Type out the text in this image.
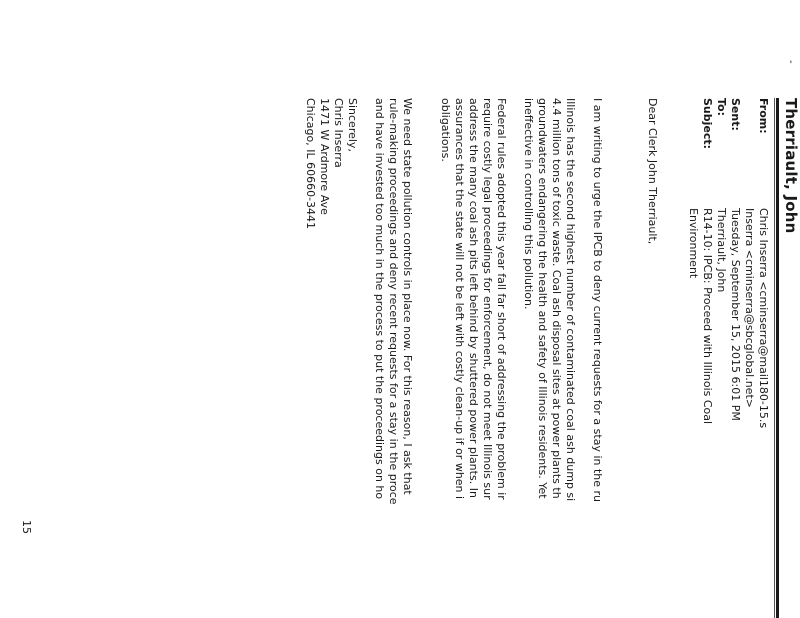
-
Therriault, John
From:
Chris Inserra <cminserra@mail180-15.s
Inserra <cminserra@sbcglobal.net>
Sent:
Tuesday, September 15, 2015 6:01 PM
To:
Therriault, John
Subject:
R14-10: IPCB: Proceed with Illinois Coal
Environment
Dear Clerk John Therriault,
I am writing to urge the IPCB to deny current requests for a stay in the ru
Illinois has the second highest number of contaminated coal ash dump si
4.4 million tons of toxic waste. Coal ash disposal sites at power plants th
groundwaters endangering the health and safety of Illinois residents. Yet
ineffective in controlling this pollution.
Federal rules adopted this year fall far short of addressing the problem ir
require costly legal proceedings for enforcement, do not meet Illinois sur
address the many coal ash pits left behind by shuttered power plants. In
assurances that the state will not be left with costly clean-up if or when i
obligations.
We need state pollution controls in place now. For this reason, I ask that
rule-making proceedings and deny recent requests for a stay in the proce
and have invested too much in the process to put the proceedings on ho
Sincerely,
Chris Inserra
1471 W Ardmore Ave
Chicago, IL 60660-3441
15
